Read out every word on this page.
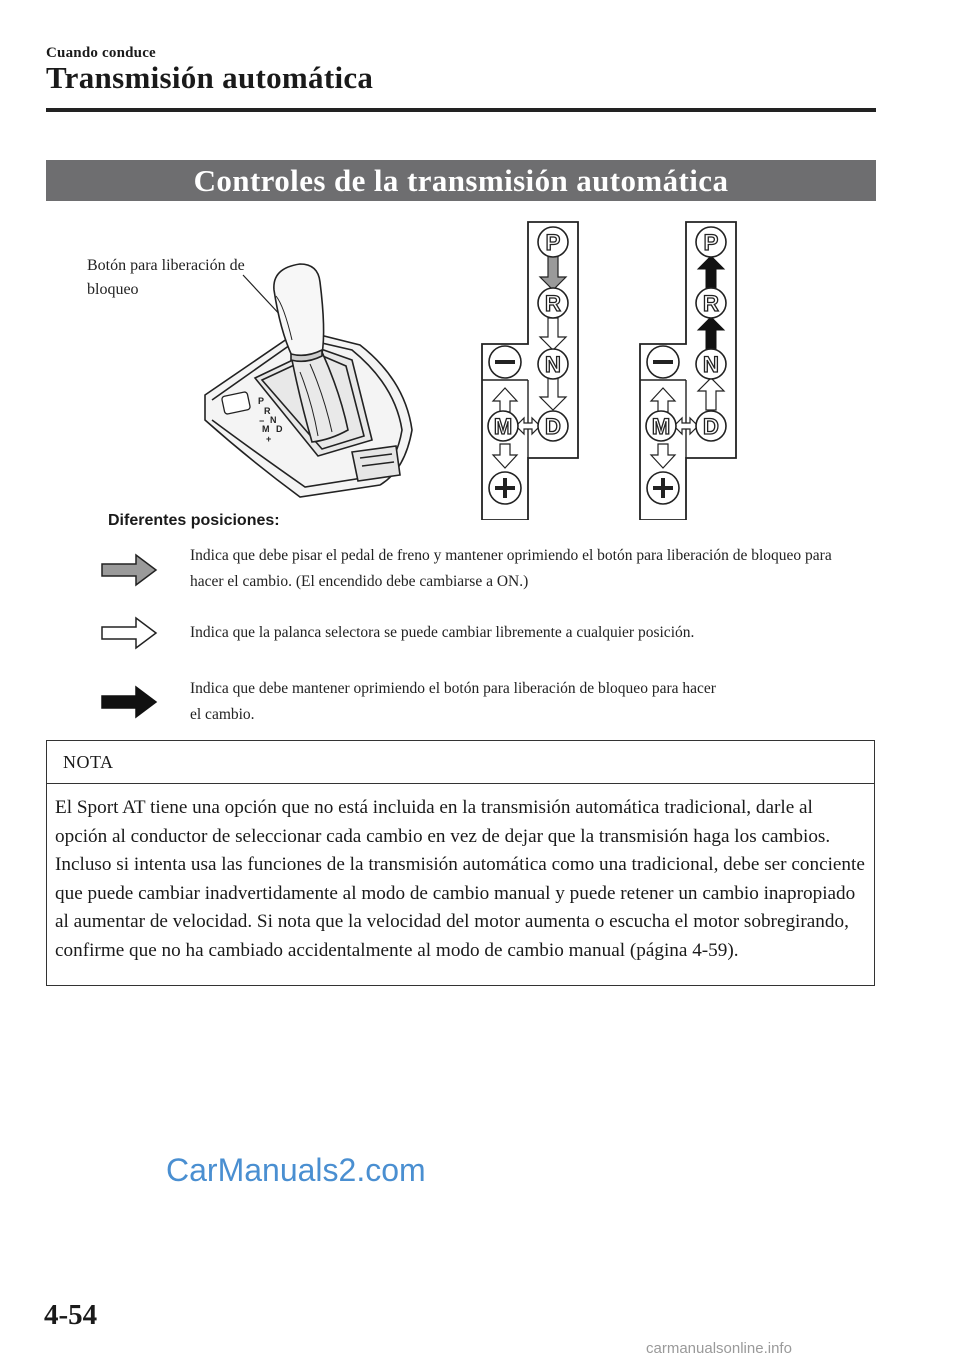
Cuando conduce
Transmisión automática
Controles de la transmisión automática
Botón para liberación de bloqueo
P
R
N
D
M
−
+
P
R
N
D
M
P
R
N
D
M
Diferentes posiciones:
Indica que debe pisar el pedal de freno y mantener oprimiendo el botón para liberación de bloqueo para hacer el cambio. (El encendido debe cambiarse a ON.)
Indica que la palanca selectora se puede cambiar libremente a cualquier posición.
Indica que debe mantener oprimiendo el botón para liberación de bloqueo para hacer el cambio.
NOTA
El Sport AT tiene una opción que no está incluida en la transmisión automática tradicional, darle al opción al conductor de seleccionar cada cambio en vez de dejar que la transmisión haga los cambios. Incluso si intenta usa las funciones de la transmisión automática como una tradicional, debe ser conciente que puede cambiar inadvertidamente al modo de cambio manual y puede retener un cambio inapropiado al aumentar de velocidad. Si nota que la velocidad del motor aumenta o escucha el motor sobregirando, confirme que no ha cambiado accidentalmente al modo de cambio manual (página 4-59).
CarManuals2.com
4-54
carmanualsonline.info
